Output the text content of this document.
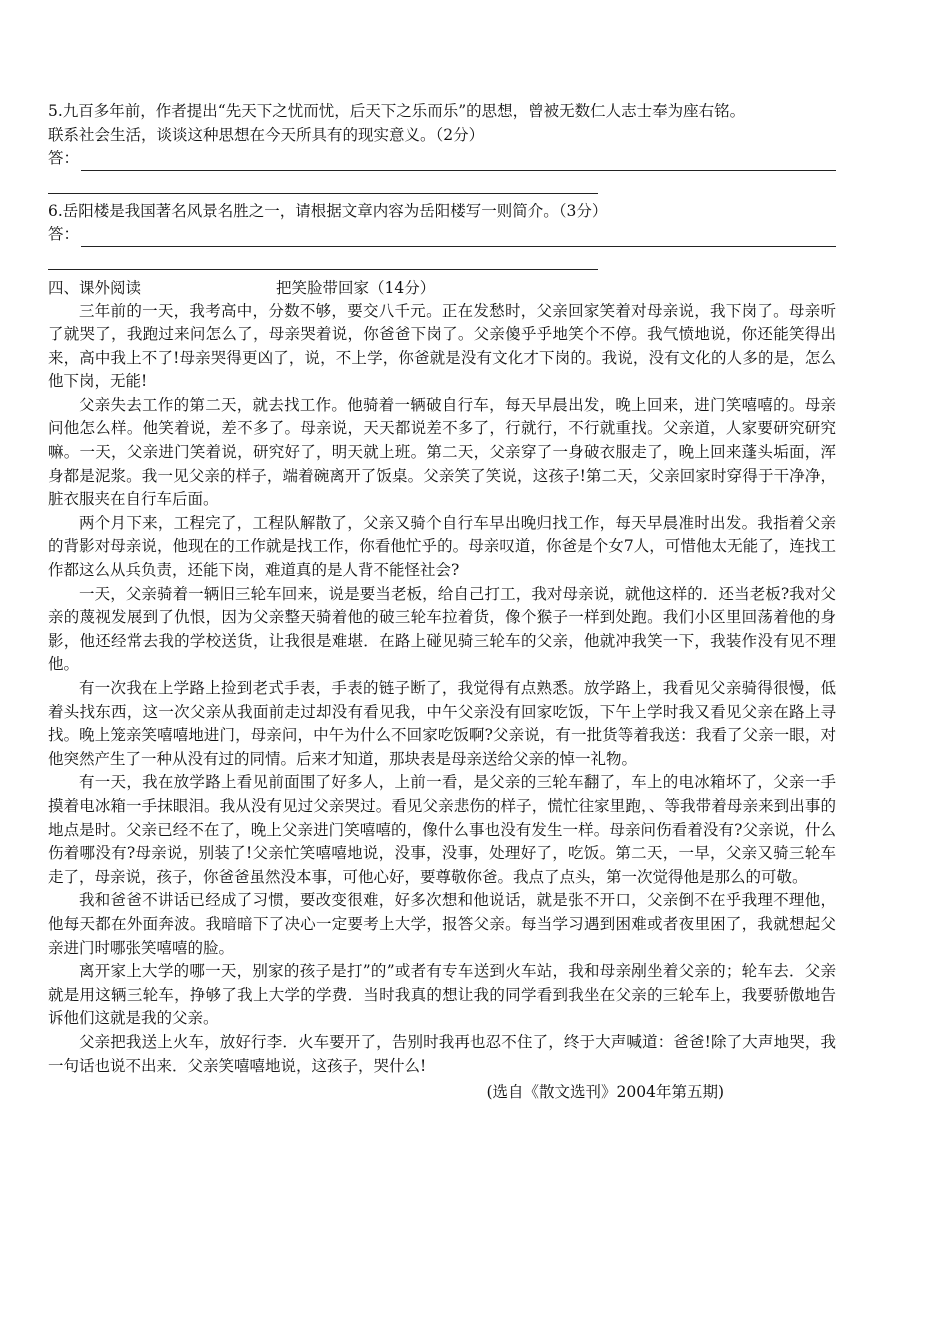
5.九百多年前，作者提出“先天下之忧而忧，后天下之乐而乐”的思想，曾被无数仁人志士奉为座右铭。
联系社会生活，谈谈这种思想在今天所具有的现实意义。（2分）
答：
6.岳阳楼是我国著名风景名胜之一，请根据文章内容为岳阳楼写一则简介。（3分）
答：
四、课外阅读	把笑脸带回家（14分）

三年前的一天，我考高中，分数不够，要交八千元。正在发愁时，父亲回家笑着对母亲说，我下岗了。母亲听了就哭了，我跑过来问怎么了，母亲哭着说，你爸爸下岗了。父亲傻乎乎地笑个不停。我气愤地说，你还能笑得出来，高中我上不了!母亲哭得更凶了，说，不上学，你爸就是没有文化才下岗的。我说，没有文化的人多的是，怎么他下岗，无能!

父亲失去工作的第二天，就去找工作。他骑着一辆破自行车，每天早晨出发，晚上回来，进门笑嘻嘻的。母亲问他怎么样。他笑着说，差不多了。母亲说，天天都说差不多了，行就行，不行就重找。父亲道，人家要研究研究嘛。一天，父亲进门笑着说，研究好了，明天就上班。第二天，父亲穿了一身破衣服走了，晚上回来蓬头垢面，浑身都是泥浆。我一见父亲的样子，端着碗离开了饭桌。父亲笑了笑说，这孩子!第二天，父亲回家时穿得于干净净，脏衣服夹在自行车后面。

两个月下来，工程完了，工程队解散了，父亲又骑个自行车早出晚归找工作，每天早晨准时出发。我指着父亲的背影对母亲说，他现在的工作就是找工作，你看他忙乎的。母亲叹道，你爸是个女7人，可惜他太无能了，连找工作都这么从兵负责，还能下岗，难道真的是人背不能怪社会?

一天，父亲骑着一辆旧三轮车回来，说是要当老板，给自己打工，我对母亲说，就他这样的．还当老板?我对父亲的蔑视发展到了仇恨，因为父亲整天骑着他的破三轮车拉着货，像个猴子一样到处跑。我们小区里回荡着他的身影，他还经常去我的学校送货，让我很是难堪．在路上碰见骑三轮车的父亲，他就冲我笑一下，我装作没有见不理他。

有一次我在上学路上捡到老式手表，手表的链子断了，我觉得有点熟悉。放学路上，我看见父亲骑得很慢，低着头找东西，这一次父亲从我面前走过却没有看见我，中午父亲没有回家吃饭，下午上学时我又看见父亲在路上寻找。晚上笼亲笑嘻嘻地进门，母亲问，中午为什么不回家吃饭啊?父亲说，有一批货等着我送：我看了父亲一眼，对他突然产生了一种从没有过的同情。后来才知道，那块表是母亲送给父亲的悼一礼物。

有一天，我在放学路上看见前面围了好多人，上前一看，是父亲的三轮车翻了，车上的电冰箱坏了，父亲一手摸着电冰箱一手抹眼泪。我从没有见过父亲哭过。看见父亲悲伤的样子，慌忙往家里跑，、等我带着母亲来到出事的地点是时。父亲已经不在了，晚上父亲进门笑嘻嘻的，像什么事也没有发生一样。母亲问伤看着没有?父亲说，什么伤着哪没有?母亲说，别装了!父亲忙笑嘻嘻地说，没事，没事，处理好了，吃饭。第二天，一早，父亲又骑三轮车走了，母亲说，孩子，你爸爸虽然没本事，可他心好，要尊敬你爸。我点了点头，第一次觉得他是那么的可敬。

我和爸爸不讲话已经成了习惯，要改变很难，好多次想和他说话，就是张不开口，父亲倒不在乎我理不理他，他每天都在外面奔波。我暗暗下了决心一定要考上大学，报答父亲。每当学习遇到困难或者夜里困了，我就想起父亲进门时哪张笑嘻嘻的脸。

离开家上大学的哪一天，别家的孩子是打”的”或者有专车送到火车站，我和母亲剐坐着父亲的；轮车去．父亲就是用这辆三轮车，挣够了我上大学的学费．当时我真的想让我的同学看到我坐在父亲的三轮车上，我要骄傲地告诉他们这就是我的父亲。

父亲把我送上火车，放好行李．火车要开了，告别时我再也忍不住了，终于大声喊道：爸爸!除了大声地哭，我一句话也说不出来．父亲笑嘻嘻地说，这孩子，哭什么!

(选自《散文选刊》2004年第五期)
